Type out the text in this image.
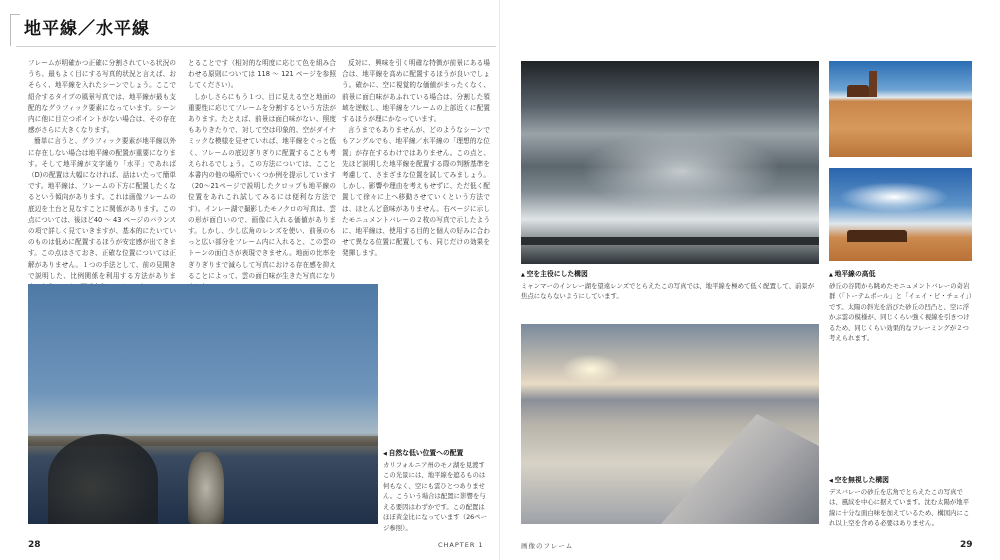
地平線／水平線

フレームが明確かつ正確に分割されている状況のうち、最もよく目にする写真的状況と言えば、おそらく、地平線を入れたシーンでしょう。ここで紹介するタイプの風景写真では、地平線が最も支配的なグラフィック要素になっています。シーン内に他に目立つポイントがない場合は、その存在感がさらに大きくなります。

簡単に言うと、グラフィック要素が地平線以外に存在しない場合は地平線の配置が重要になります。そして地平線が文字通り「水平」であれば（D)の配置は大幅になければ、話はいたって簡単です。地平線は、フレームの下方に配置したくなるという傾向があります。これは画像フレームの底辺を土台と見なすことに関係があります。この点については、後ほど40 〜 43 ページのバランスの項で詳しく見ていきますが、基本的にたいていのものは低めに配置するほうが安定感が出てきます。この点はさておき、正確な位置については正解がありません。１つの手法として、前の見開きで説明した、比例関係を利用する方法がありま

とることです（相対的な明度に応じて色を組み合わせる原則については 118 〜 121 ページを参照してください）。

しかしさらにもう１つ、目に見える空と地面の重要性に応じてフレームを分割するという方法があります。たとえば、前景は面白味がない、照度もありきたりで、対して空は印象的、空がダイナミックな模様を見せていれば、地平線をぐっと低く、フレームの底辺ぎりぎりに配置することも考えられるでしょう。この方法については、ここと本書内の他の場所でいくつか例を提示しています（20〜21ページで説明したクロップも地平線の位置をあれこれ試してみるには便利な方法です）。インレー湖で撮影したモノクロの写真は、雲の形が面白いので、画像に入れる価値があります。しかし、少し広角のレンズを使い、前景のもっと広い部分をフレーム内に入れると、この雲のトーンの面白さが表現できません。地面の比率をぎりぎりまで減らして写真における存在感を抑えることによって、雲の面白味が生きた写真になり

反対に、興味を引く明確な特徴が前景にある場合は、地平線を高めに配置するほうが良いでしょう。確かに、空に視覚的な価値がまったくなく、前景に面白味があふれている場合は、分割した領域を逆転し、地平線をフレームの上部近くに配置するほうが理にかなっています。

言うまでもありませんが、どのようなシーンでもアングルでも、地平線／水平線の「理想的な位置」が存在するわけではありません。この点と、先ほど説明した地平線を配置する際の判断基準を考慮して、さまざまな位置を試してみましょう。しかし、影響や理由を考えもせずに、ただ低く配置して徐々に上へ移動させていくという方法では、ほとんど意味がありません。右ページに示したモニュメントバレーの２枚の写真で示したように、地平線は、使用する目的と個人の好みに合わせて異なる位置に配置しても、同じだけの効果を発揮します。

◀ 自然な低い位置への配置
カリフォルニア州のモノ湖を見渡すこの光景には、地平線を遮るものは何もなく、空にも雲ひとつありません。こういう場合は配置に影響を与える要因はわずかです。この配置はほぼ黄金比になっています（26ページ参照）。
28	CHAPTER 1
▲ 空を主役にした構図
ミャンマーのインレー湖を望遠レンズでとらえたこの写真では、地平線を極めて低く配置して、前景が焦点にならないようにしています。
▲ 地平線の高低
砂丘の谷間から眺めたモニュメントバレーの奇岩群（「トーテムポール」と「イェイ・ビ・チェイ」）です。太陽の斜光を浴びた砂丘の凹凸と、空に浮かぶ雲の模様が、同じくらい強く視線を引きつけるため、同じくらい効果的なフレーミングが２つ考えられます。
◀ 空を無視した構図
デスバレーの砂丘を広角でとらえたこの写真では、風紋を中心に据えています。沈む太陽が地平線に十分な面白味を加えているため、構図内にこれ以上空を含める必要はありません。
画像のフレーム	29
